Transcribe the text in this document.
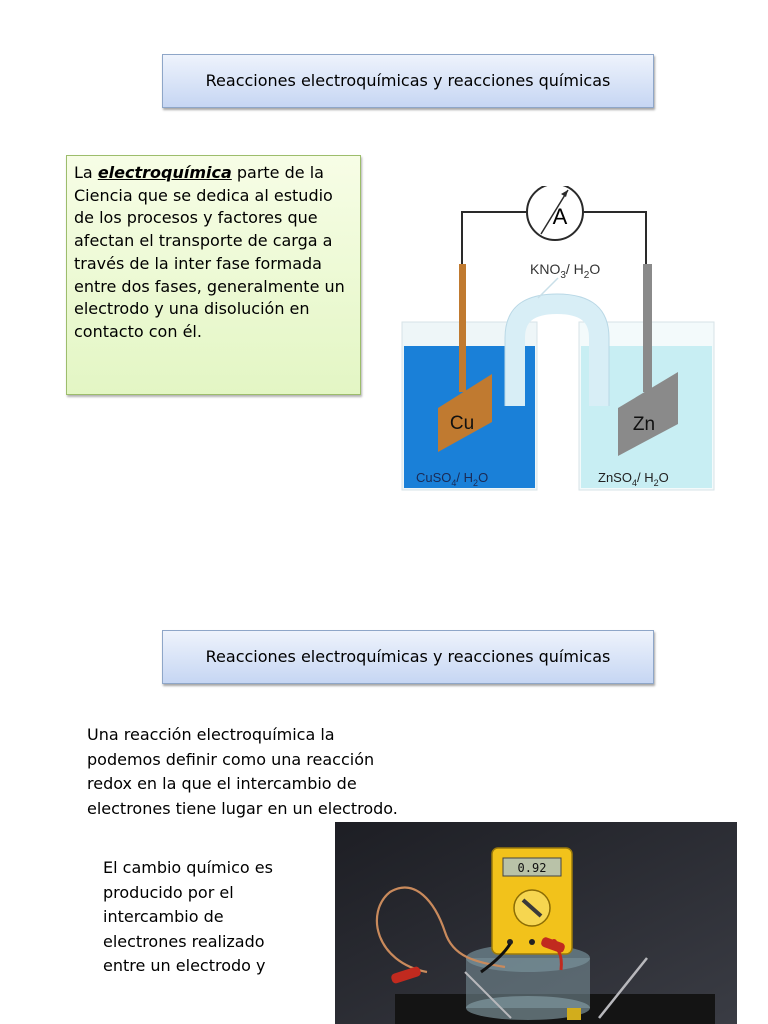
Reacciones electroquímicas y reacciones químicas
La electroquímica parte de la Ciencia que se dedica al estudio de los procesos y factores que afectan el transporte de carga a través de la inter fase formada entre dos fases, generalmente un electrodo y una disolución en contacto con él.
A
Cu	Zn
$KNO_3/$ $H_2O$
CuSO$_4$/ $H_2O$	ZnSO$_4$/ $H_2O$
Reacciones electroquímicas y reacciones químicas

Una reacción electroquímica la podemos definir como una reacción redox en la que el intercambio de electrones tiene lugar en un electrodo.

El cambio químico es producido por el intercambio de electrones realizado entre un electrodo y

0.92
